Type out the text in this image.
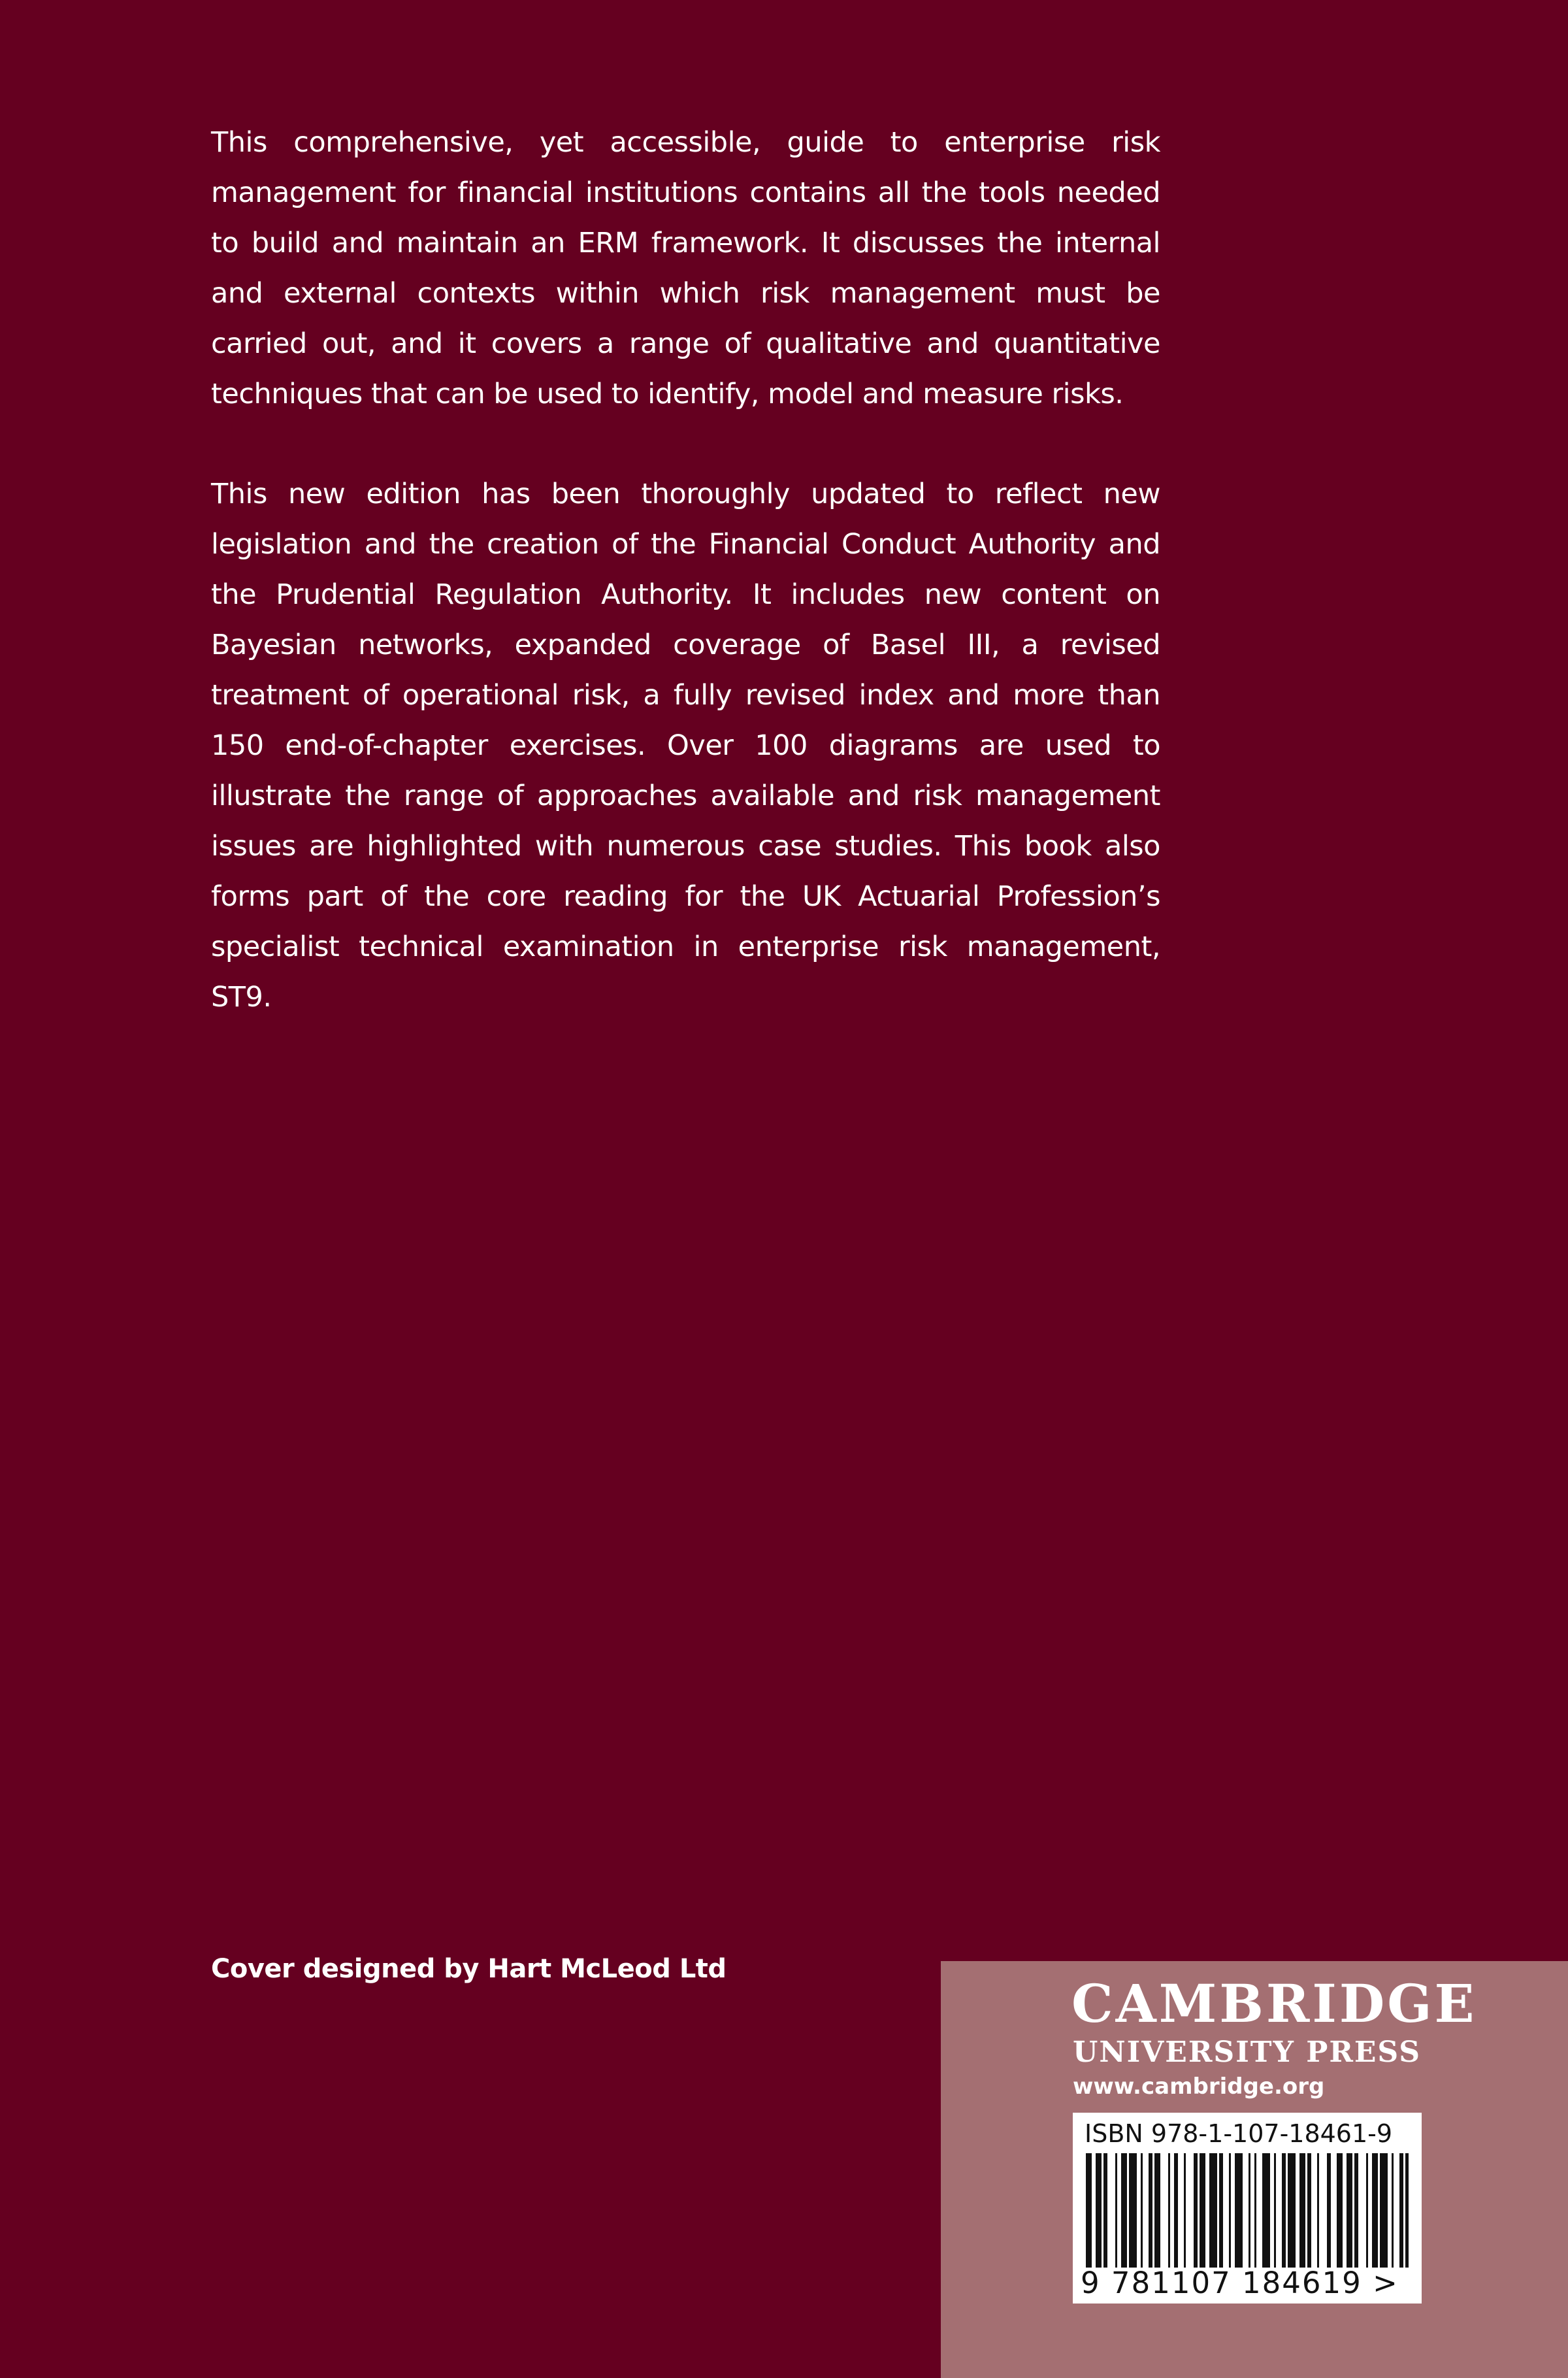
This comprehensive, yet accessible, guide to enterprise risk management for financial institutions contains all the tools needed to build and maintain an ERM framework. It discusses the internal and external contexts within which risk management must be carried out, and it covers a range of qualitative and quantitative techniques that can be used to identify, model and measure risks.

This new edition has been thoroughly updated to reflect new legislation and the creation of the Financial Conduct Authority and the Prudential Regulation Authority. It includes new content on Bayesian networks, expanded coverage of Basel III, a revised treatment of operational risk, a fully revised index and more than 150 end-of-chapter exercises. Over 100 diagrams are used to illustrate the range of approaches available and risk management issues are highlighted with numerous case studies. This book also forms part of the core reading for the UK Actuarial Profession’s specialist technical examination in enterprise risk management, ST9.

Cover designed by Hart McLeod Ltd
CAMBRIDGE
UNIVERSITY PRESS
www.cambridge.org
ISBN 978-1-107-18461-9
9 781107 184619 >
